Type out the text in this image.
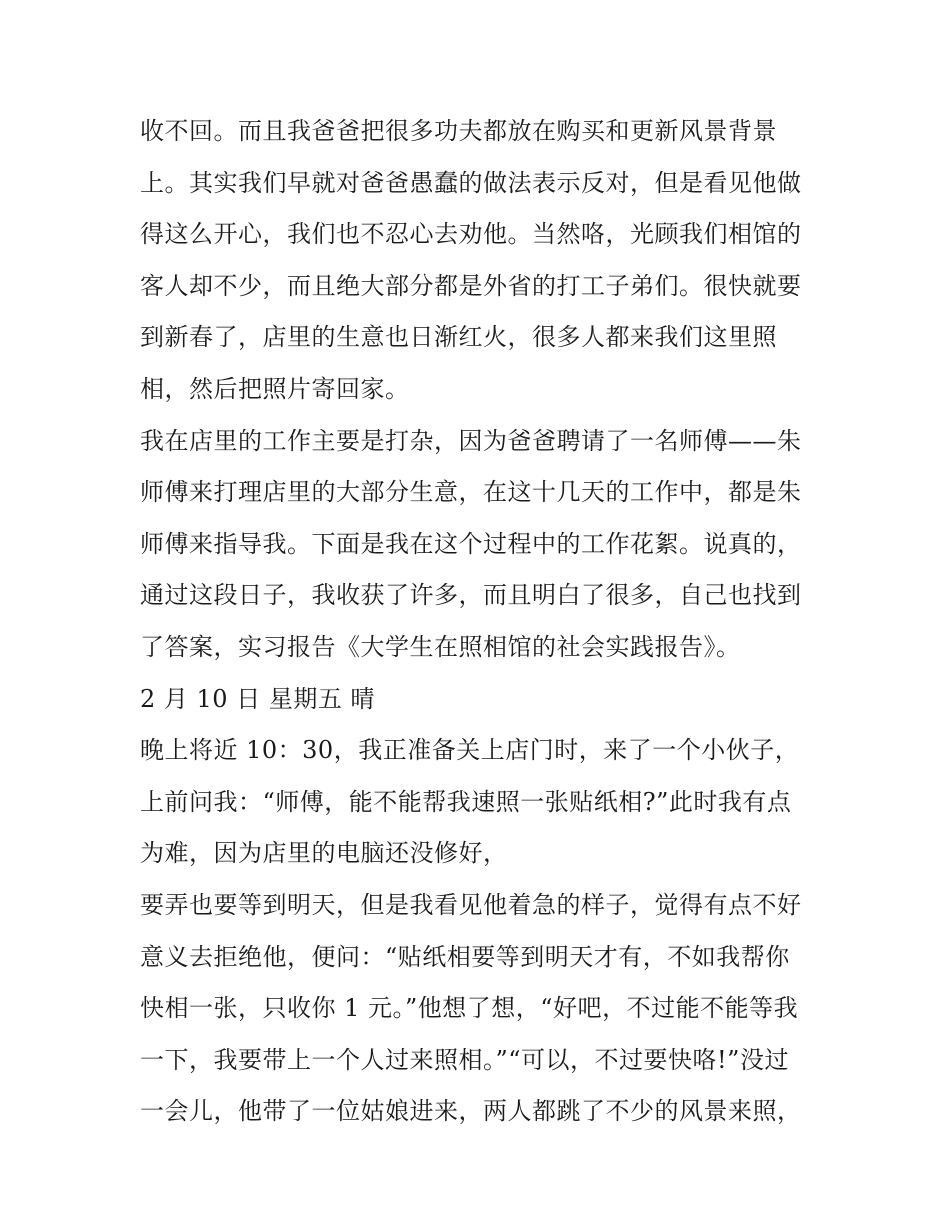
收不回。而且我爸爸把很多功夫都放在购买和更新风景背景
上。其实我们早就对爸爸愚蠢的做法表示反对，但是看见他做
得这么开心，我们也不忍心去劝他。当然咯，光顾我们相馆的
客人却不少，而且绝大部分都是外省的打工子弟们。很快就要
到新春了，店里的生意也日渐红火，很多人都来我们这里照
相，然后把照片寄回家。
我在店里的工作主要是打杂，因为爸爸聘请了一名师傅——朱
师傅来打理店里的大部分生意，在这十几天的工作中，都是朱
师傅来指导我。下面是我在这个过程中的工作花絮。说真的，
通过这段日子，我收获了许多，而且明白了很多，自己也找到
了答案，实习报告《大学生在照相馆的社会实践报告》。
2 月 10 日 星期五 晴
晚上将近 10：30，我正准备关上店门时，来了一个小伙子，
上前问我：“师傅，能不能帮我速照一张贴纸相?”此时我有点
为难，因为店里的电脑还没修好，
要弄也要等到明天，但是我看见他着急的样子，觉得有点不好
意义去拒绝他，便问：“贴纸相要等到明天才有，不如我帮你
快相一张，只收你 1 元。”他想了想，“好吧，不过能不能等我
一下，我要带上一个人过来照相。”“可以，不过要快咯!”没过
一会儿，他带了一位姑娘进来，两人都跳了不少的风景来照，
